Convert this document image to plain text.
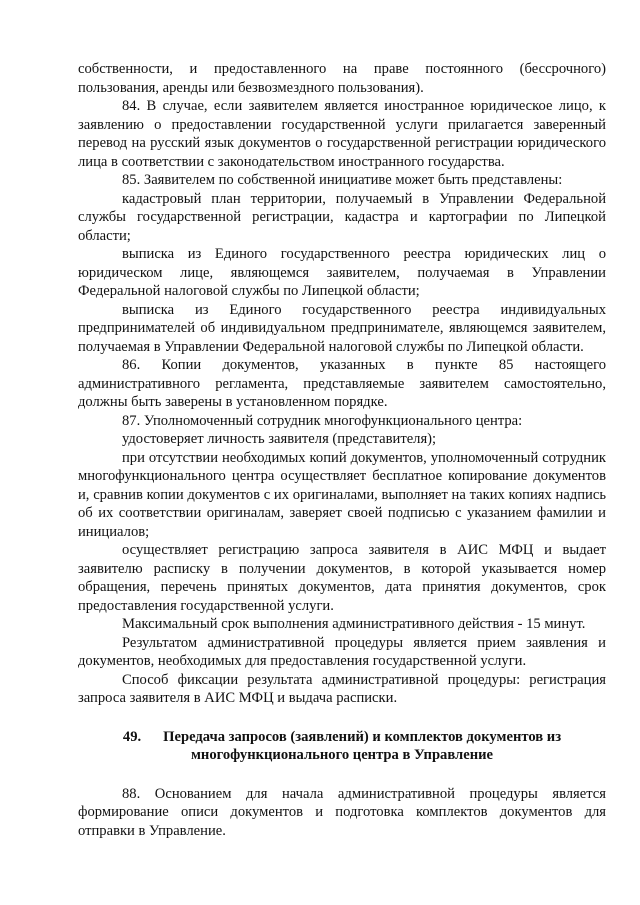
собственности, и предоставленного на праве постоянного (бессрочного) пользования, аренды или безвозмездного пользования).

84. В случае, если заявителем является иностранное юридическое лицо, к заявлению о предоставлении государственной услуги прилагается заверенный перевод на русский язык документов о государственной регистрации юридического лица в соответствии с законодательством иностранного государства.

85. Заявителем по собственной инициативе может быть представлены:

кадастровый план территории, получаемый в Управлении Федеральной службы государственной регистрации, кадастра и картографии по Липецкой области;

выписка из Единого государственного реестра юридических лиц о юридическом лице, являющемся заявителем, получаемая в Управлении Федеральной налоговой службы по Липецкой области;

выписка из Единого государственного реестра индивидуальных предпринимателей об индивидуальном предпринимателе, являющемся заявителем, получаемая в Управлении Федеральной налоговой службы по Липецкой области.

86. Копии документов, указанных в пункте 85 настоящего административного регламента, представляемые заявителем самостоятельно, должны быть заверены в установленном порядке.

87. Уполномоченный сотрудник многофункционального центра:

удостоверяет личность заявителя (представителя);

при отсутствии необходимых копий документов, уполномоченный сотрудник многофункционального центра осуществляет бесплатное копирование документов и, сравнив копии документов с их оригиналами, выполняет на таких копиях надпись об их соответствии оригиналам, заверяет своей подписью с указанием фамилии и инициалов;

осуществляет регистрацию запроса заявителя в АИС МФЦ и выдает заявителю расписку в получении документов, в которой указывается номер обращения, перечень принятых документов, дата принятия документов, срок предоставления государственной услуги.

Максимальный срок выполнения административного действия - 15 минут.

Результатом административной процедуры является прием заявления и документов, необходимых для предоставления государственной услуги.

Способ фиксации результата административной процедуры: регистрация запроса заявителя в АИС МФЦ и выдача расписки.

49. Передача запросов (заявлений) и комплектов документов из
многофункционального центра в Управление

88. Основанием для начала административной процедуры является формирование описи документов и подготовка комплектов документов для отправки в Управление.
